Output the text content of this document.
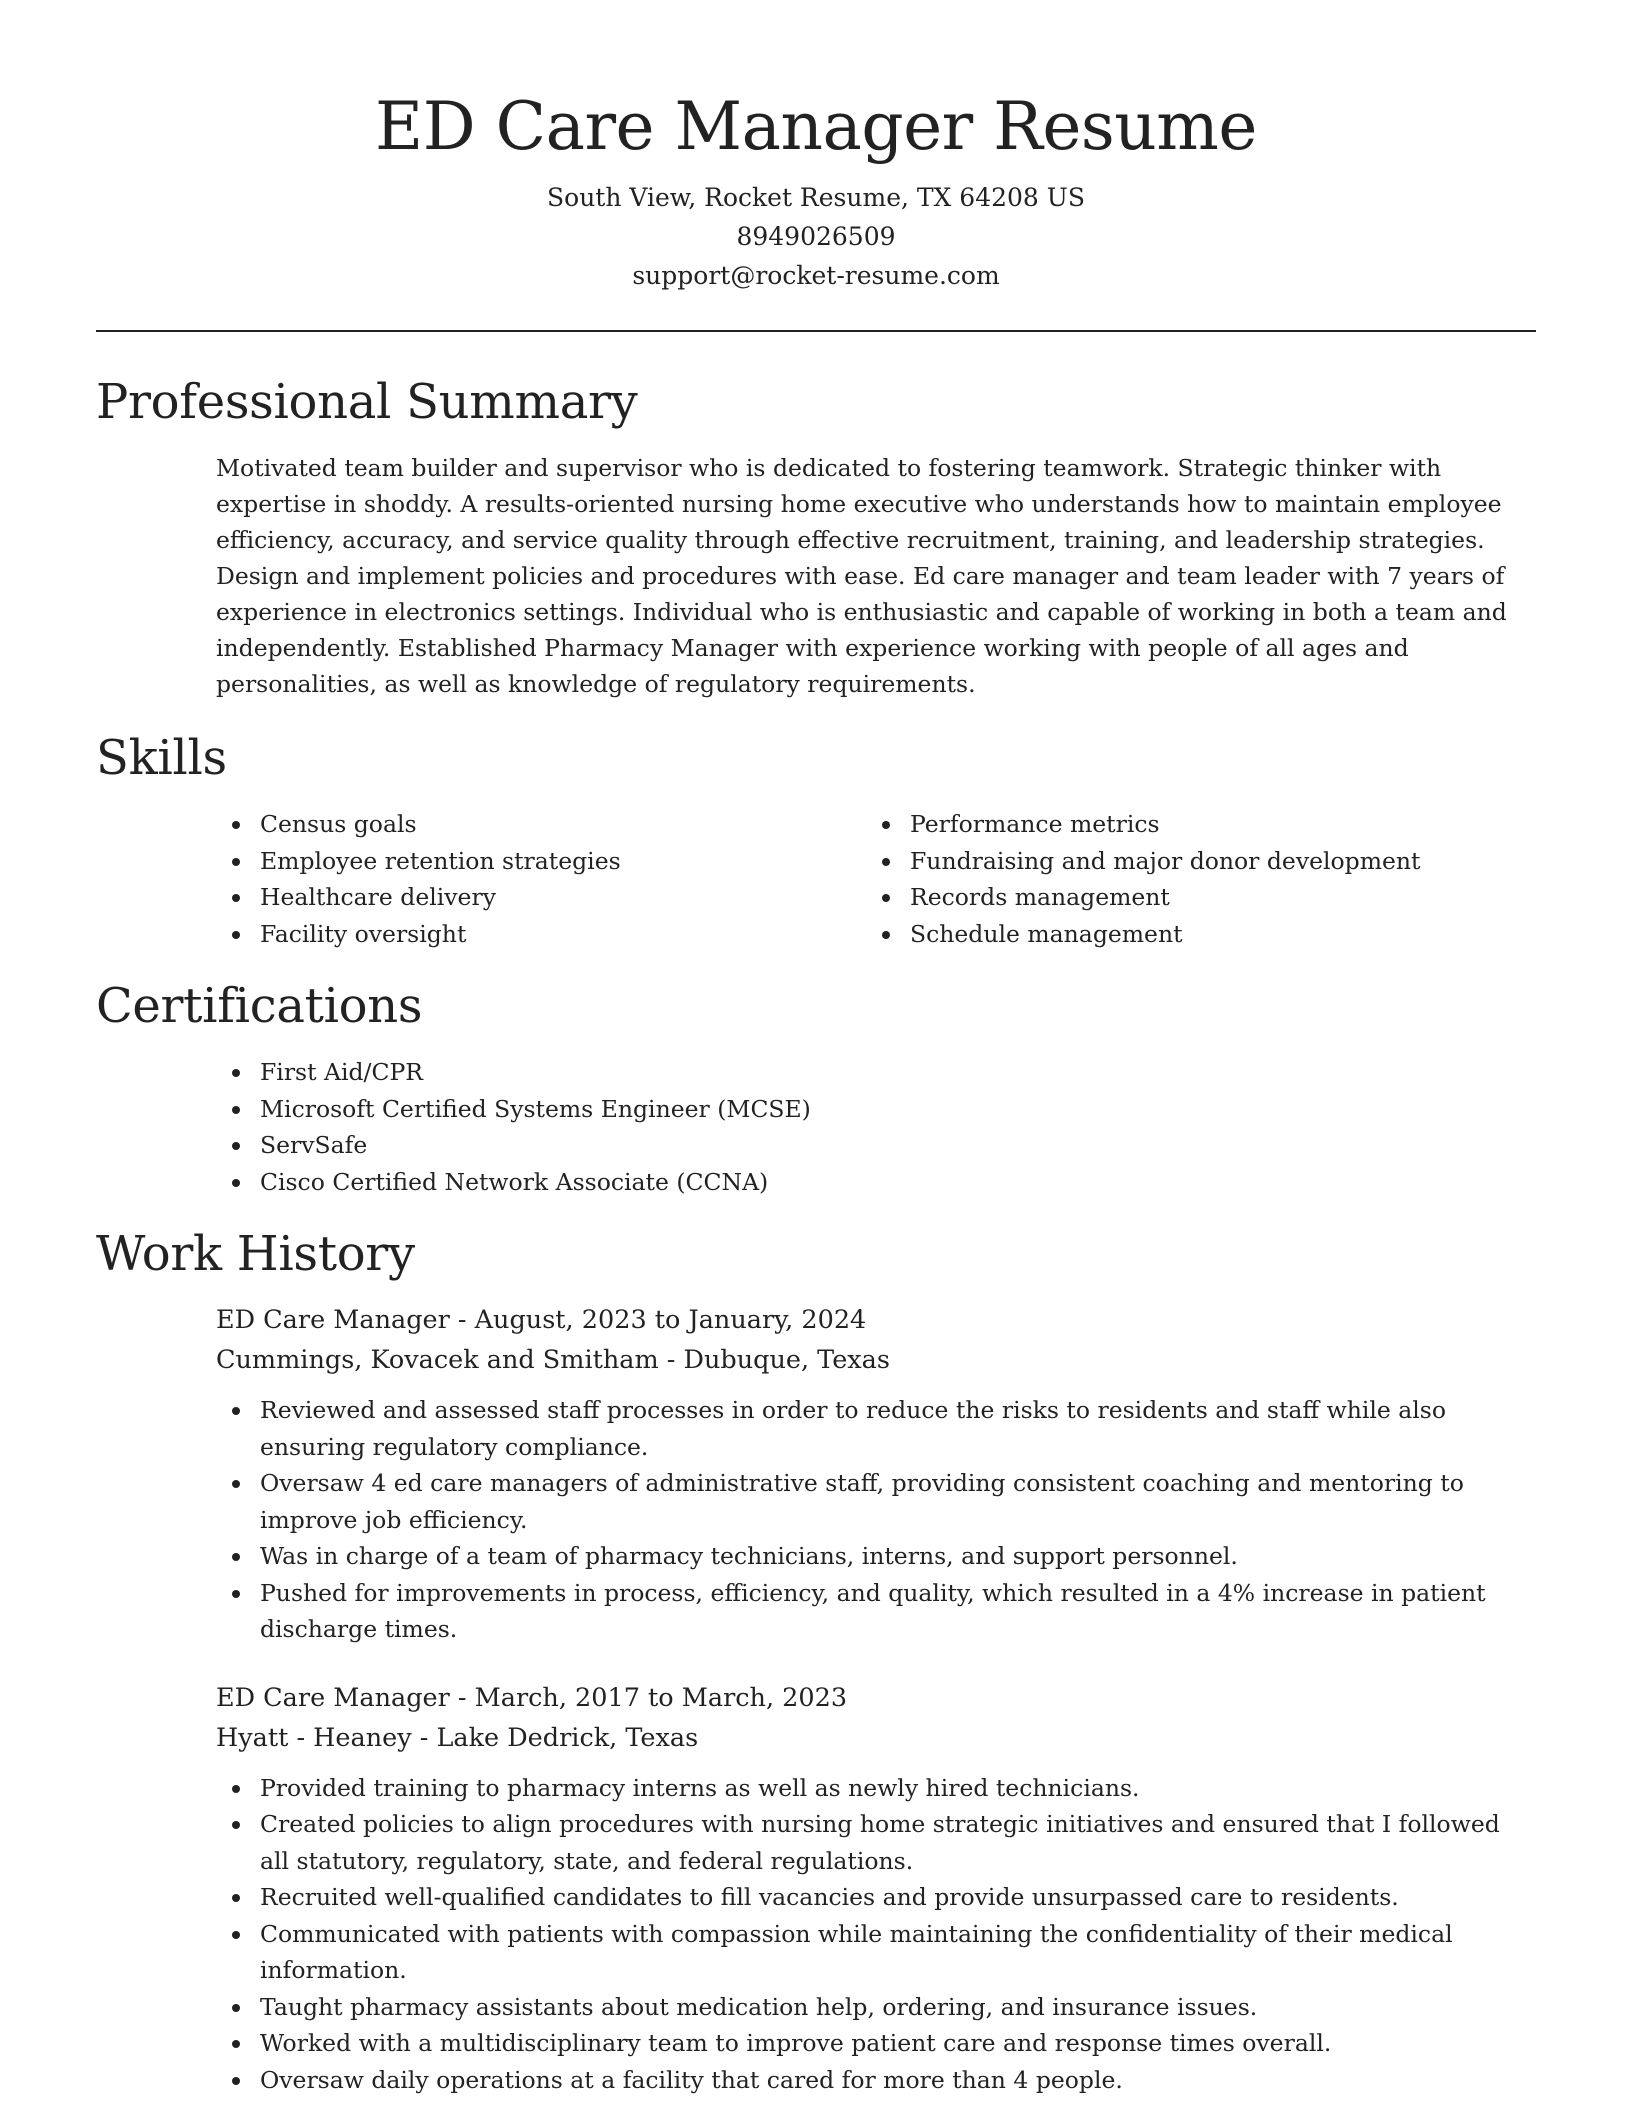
ED Care Manager Resume
South View, Rocket Resume, TX 64208 US
8949026509
support@rocket-resume.com
Professional Summary

Motivated team builder and supervisor who is dedicated to fostering teamwork. Strategic thinker with expertise in shoddy. A results-oriented nursing home executive who understands how to maintain employee efficiency, accuracy, and service quality through effective recruitment, training, and leadership strategies. Design and implement policies and procedures with ease. Ed care manager and team leader with 7 years of experience in electronics settings. Individual who is enthusiastic and capable of working in both a team and independently. Established Pharmacy Manager with experience working with people of all ages and personalities, as well as knowledge of regulatory requirements.

Skills
Census goals
Employee retention strategies
Healthcare delivery
Facility oversight
Performance metrics
Fundraising and major donor development
Records management
Schedule management
Certifications
First Aid/CPR
Microsoft Certified Systems Engineer (MCSE)
ServSafe
Cisco Certified Network Associate (CCNA)
Work History
ED Care Manager - August, 2023 to January, 2024
Cummings, Kovacek and Smitham - Dubuque, Texas
Reviewed and assessed staff processes in order to reduce the risks to residents and staff while also ensuring regulatory compliance.
Oversaw 4 ed care managers of administrative staff, providing consistent coaching and mentoring to improve job efficiency.
Was in charge of a team of pharmacy technicians, interns, and support personnel.
Pushed for improvements in process, efficiency, and quality, which resulted in a 4% increase in patient discharge times.
ED Care Manager - March, 2017 to March, 2023
Hyatt - Heaney - Lake Dedrick, Texas
Provided training to pharmacy interns as well as newly hired technicians.
Created policies to align procedures with nursing home strategic initiatives and ensured that I followed all statutory, regulatory, state, and federal regulations.
Recruited well-qualified candidates to fill vacancies and provide unsurpassed care to residents.
Communicated with patients with compassion while maintaining the confidentiality of their medical information.
Taught pharmacy assistants about medication help, ordering, and insurance issues.
Worked with a multidisciplinary team to improve patient care and response times overall.
Oversaw daily operations at a facility that cared for more than 4 people.
